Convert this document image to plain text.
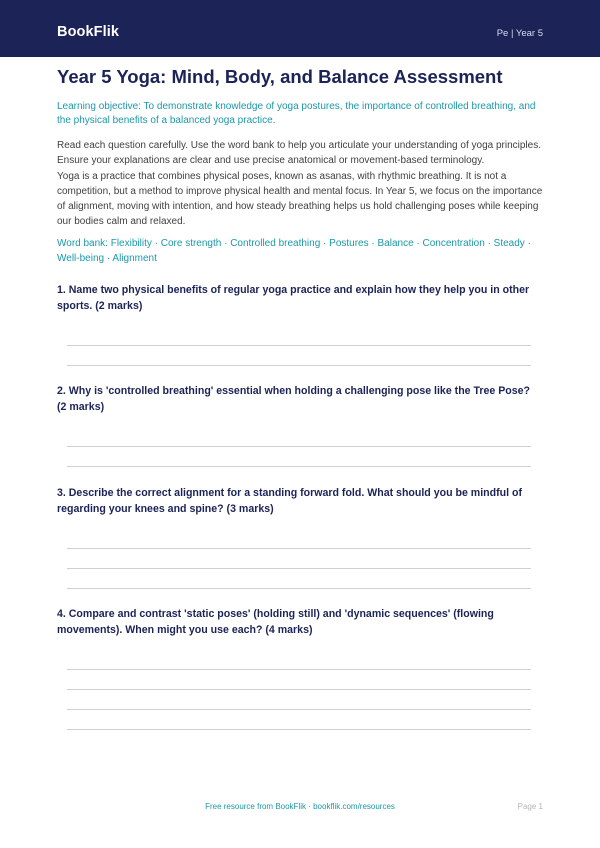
BookFlik	Pe | Year 5
Year 5 Yoga: Mind, Body, and Balance Assessment

Learning objective: To demonstrate knowledge of yoga postures, the importance of controlled breathing, and the physical benefits of a balanced yoga practice.

Read each question carefully. Use the word bank to help you articulate your understanding of yoga principles. Ensure your explanations are clear and use precise anatomical or movement-based terminology.

Yoga is a practice that combines physical poses, known as asanas, with rhythmic breathing. It is not a competition, but a method to improve physical health and mental focus. In Year 5, we focus on the importance of alignment, moving with intention, and how steady breathing helps us hold challenging poses while keeping our bodies calm and relaxed.

Word bank: Flexibility · Core strength · Controlled breathing · Postures · Balance · Concentration · Steady · Well-being · Alignment

1. Name two physical benefits of regular yoga practice and explain how they help you in other sports. (2 marks)

2. Why is 'controlled breathing' essential when holding a challenging pose like the Tree Pose? (2 marks)

3. Describe the correct alignment for a standing forward fold. What should you be mindful of regarding your knees and spine? (3 marks)

4. Compare and contrast 'static poses' (holding still) and 'dynamic sequences' (flowing movements). When might you use each? (4 marks)

Free resource from BookFlik · bookflik.com/resources	Page 1
